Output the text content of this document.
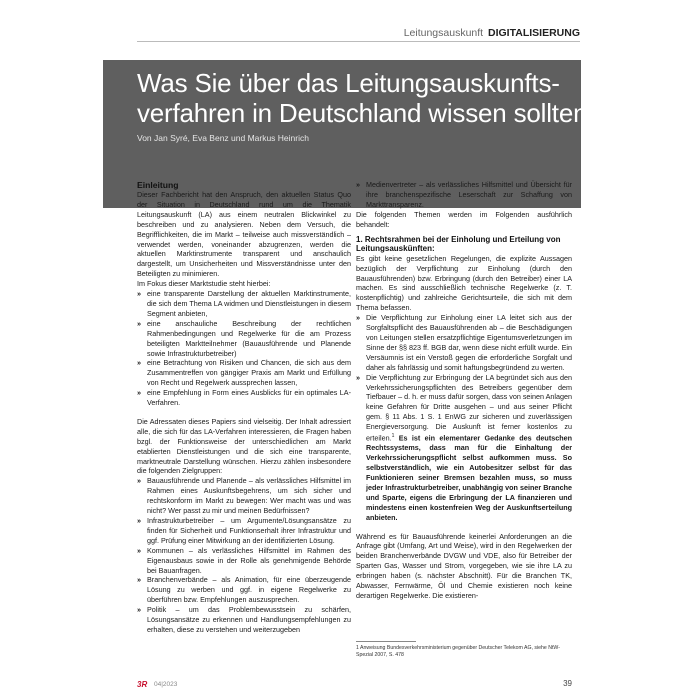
Leitungsauskunft DIGITALISIERUNG
Was Sie über das Leitungsauskunfts-
verfahren in Deutschland wissen sollten
Von Jan Syré, Eva Benz und Markus Heinrich
Einleitung

Dieser Fachbericht hat den Anspruch, den aktuellen Status Quo der Situation in Deutschland rund um die Thematik Leitungsauskunft (LA) aus einem neutralen Blickwinkel zu beschreiben und zu analysieren. Neben dem Versuch, die Begrifflichkeiten, die im Markt – teilweise auch missverständlich – verwendet werden, voneinander abzugrenzen, werden die aktuellen Marktinstrumente transparent und anschaulich dargestellt, um Unsicherheiten und Missverständnisse unter den Beteiligten zu minimieren.

Im Fokus dieser Marktstudie steht hierbei:

» eine transparente Darstellung der aktuellen Marktinstrumente, die sich dem Thema LA widmen und Dienstleistungen in diesem Segment anbieten,
» eine anschauliche Beschreibung der rechtlichen Rahmenbedingungen und Regelwerke für die am Prozess beteiligten Marktteilnehmer (Bauausführende und Planende sowie Infrastrukturbetreiber)
» eine Betrachtung von Risiken und Chancen, die sich aus dem Zusammentreffen von gängiger Praxis am Markt und Erfüllung von Recht und Regelwerk aussprechen lassen,
» eine Empfehlung in Form eines Ausblicks für ein optimales LA-Verfahren.

Die Adressaten dieses Papiers sind vielseitig. Der Inhalt adressiert alle, die sich für das LA-Verfahren interessieren, die Fragen haben bzgl. der Funktionsweise der unterschiedlichen am Markt etablierten Dienstleistungen und die sich eine transparente, marktneutrale Darstellung wünschen. Hierzu zählen insbesondere die folgenden Zielgruppen:

» Bauausführende und Planende – als verlässliches Hilfsmittel im Rahmen eines Auskunftsbegehrens, um sich sicher und rechtskonform im Markt zu bewegen: Wer macht was und was nicht? Wer passt zu mir und meinen Bedürfnissen?
» Infrastrukturbetreiber – um Argumente/Lösungsansätze zu finden für Sicherheit und Funktionserhalt ihrer Infrastruktur und ggf. Prüfung einer Mitwirkung an der identifizierten Lösung.
» Kommunen – als verlässliches Hilfsmittel im Rahmen des Eigenausbaus sowie in der Rolle als genehmigende Behörde bei Bauanfragen.
» Branchenverbände – als Animation, für eine überzeugende Lösung zu werben und ggf. in eigene Regelwerke zu überführen bzw. Empfehlungen auszusprechen.
» Politik – um das Problembewusstsein zu schärfen, Lösungsansätze zu erkennen und Handlungsempfehlungen zu erhalten, diese zu verstehen und weiterzugeben
» Medienvertreter – als verlässliches Hilfsmittel und Übersicht für ihre branchenspezifische Leserschaft zur Schaffung von Markttransparenz.

Die folgenden Themen werden im Folgenden ausführlich behandelt:

1. Rechtsrahmen bei der Einholung und Erteilung von Leitungsauskünften:

Es gibt keine gesetzlichen Regelungen, die explizite Aussagen bezüglich der Verpflichtung zur Einholung (durch den Bauausführenden) bzw. Erbringung (durch den Betreiber) einer LA machen. Es sind ausschließlich technische Regelwerke (z. T. kostenpflichtig) und zahlreiche Gerichtsurteile, die sich mit dem Thema befassen.

» Die Verpflichtung zur Einholung einer LA leitet sich aus der Sorgfaltspflicht des Bauausführenden ab – die Beschädigungen von Leitungen stellen ersatzpflichtige Eigentumsverletzungen im Sinne der §§ 823 ff. BGB dar, wenn diese nicht erfüllt wurde. Ein Versäumnis ist ein Verstoß gegen die erforderliche Sorgfalt und daher als fahrlässig und somit haftungsbegründend zu werten.
» Die Verpflichtung zur Erbringung der LA begründet sich aus den Verkehrssicherungspflichten des Betreibers gegenüber dem Tiefbauer – d. h. er muss dafür sorgen, dass von seinen Anlagen keine Gefahren für Dritte ausgehen – und aus seiner Pflicht gem. § 11 Abs. 1 S. 1 EnWG zur sicheren und zuverlässigen Energieversorgung. Die Auskunft ist ferner kostenlos zu erteilen.$^1$ Es ist ein elementarer Gedanke des deutschen Rechtssystems, dass man für die Einhaltung der Verkehrssicherungspflicht selbst aufkommen muss. So selbstverständlich, wie ein Autobesitzer selbst für das Funktionieren seiner Bremsen bezahlen muss, so muss jeder Infrastrukturbetreiber, unabhängig von seiner Branche und Sparte, eigens die Erbringung der LA finanzieren und mindestens einen kostenfreien Weg der Auskunftserteilung anbieten.

Während es für Bauausführende keinerlei Anforderungen an die Anfrage gibt (Umfang, Art und Weise), wird in den Regelwerken der beiden Branchenverbände DVGW und VDE, also für Betreiber der Sparten Gas, Wasser und Strom, vorgegeben, wie sie ihre LA zu erbringen haben (s. nächster Abschnitt). Für die Branchen TK, Abwasser, Fernwärme, Öl und Chemie existieren noch keine derartigen Regelwerke. Die existieren-

1 Anweisung Bundesverkehrsministerium gegenüber Deutscher Telekom AG, siehe NtW-Spezial 2007, S. 478
3R 04|2023	39
